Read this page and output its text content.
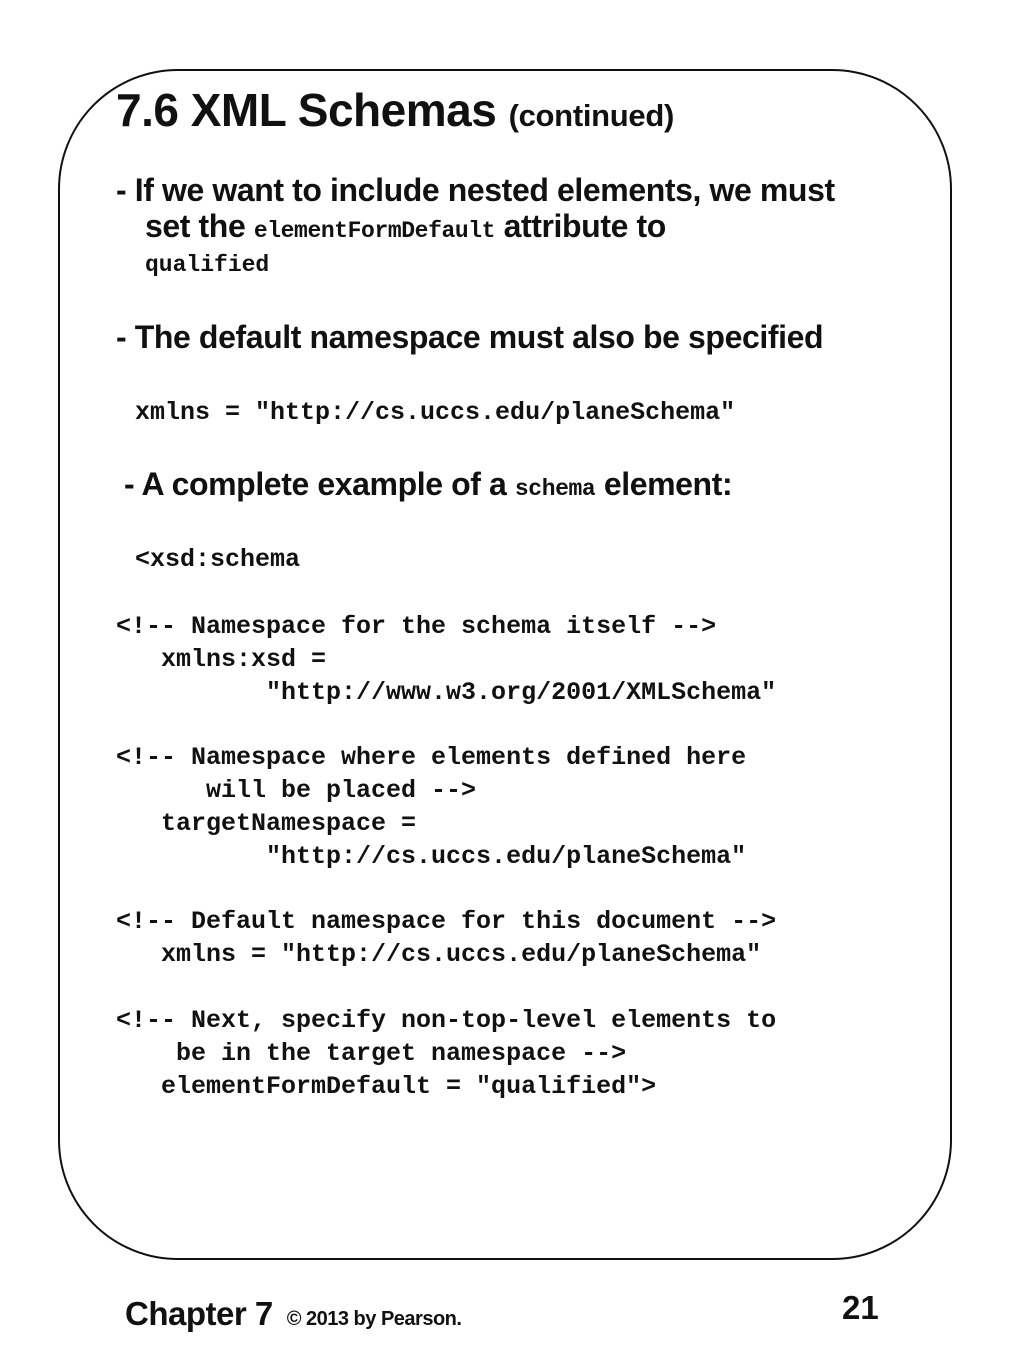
7.6 XML Schemas (continued)
- If we want to include nested elements, we must
set the elementFormDefault attribute to
qualified
- The default namespace must also be specified
xmlns = "http://cs.uccs.edu/planeSchema"
- A complete example of a schema element:
<xsd:schema
<!-- Namespace for the schema itself -->
xmlns:xsd =
"http://www.w3.org/2001/XMLSchema"
<!-- Namespace where elements defined here
will be placed -->
targetNamespace =
"http://cs.uccs.edu/planeSchema"
<!-- Default namespace for this document -->
xmlns = "http://cs.uccs.edu/planeSchema"
<!-- Next, specify non-top-level elements to
be in the target namespace -->
elementFormDefault = "qualified">
Chapter 7 © 2013 by Pearson.	21
